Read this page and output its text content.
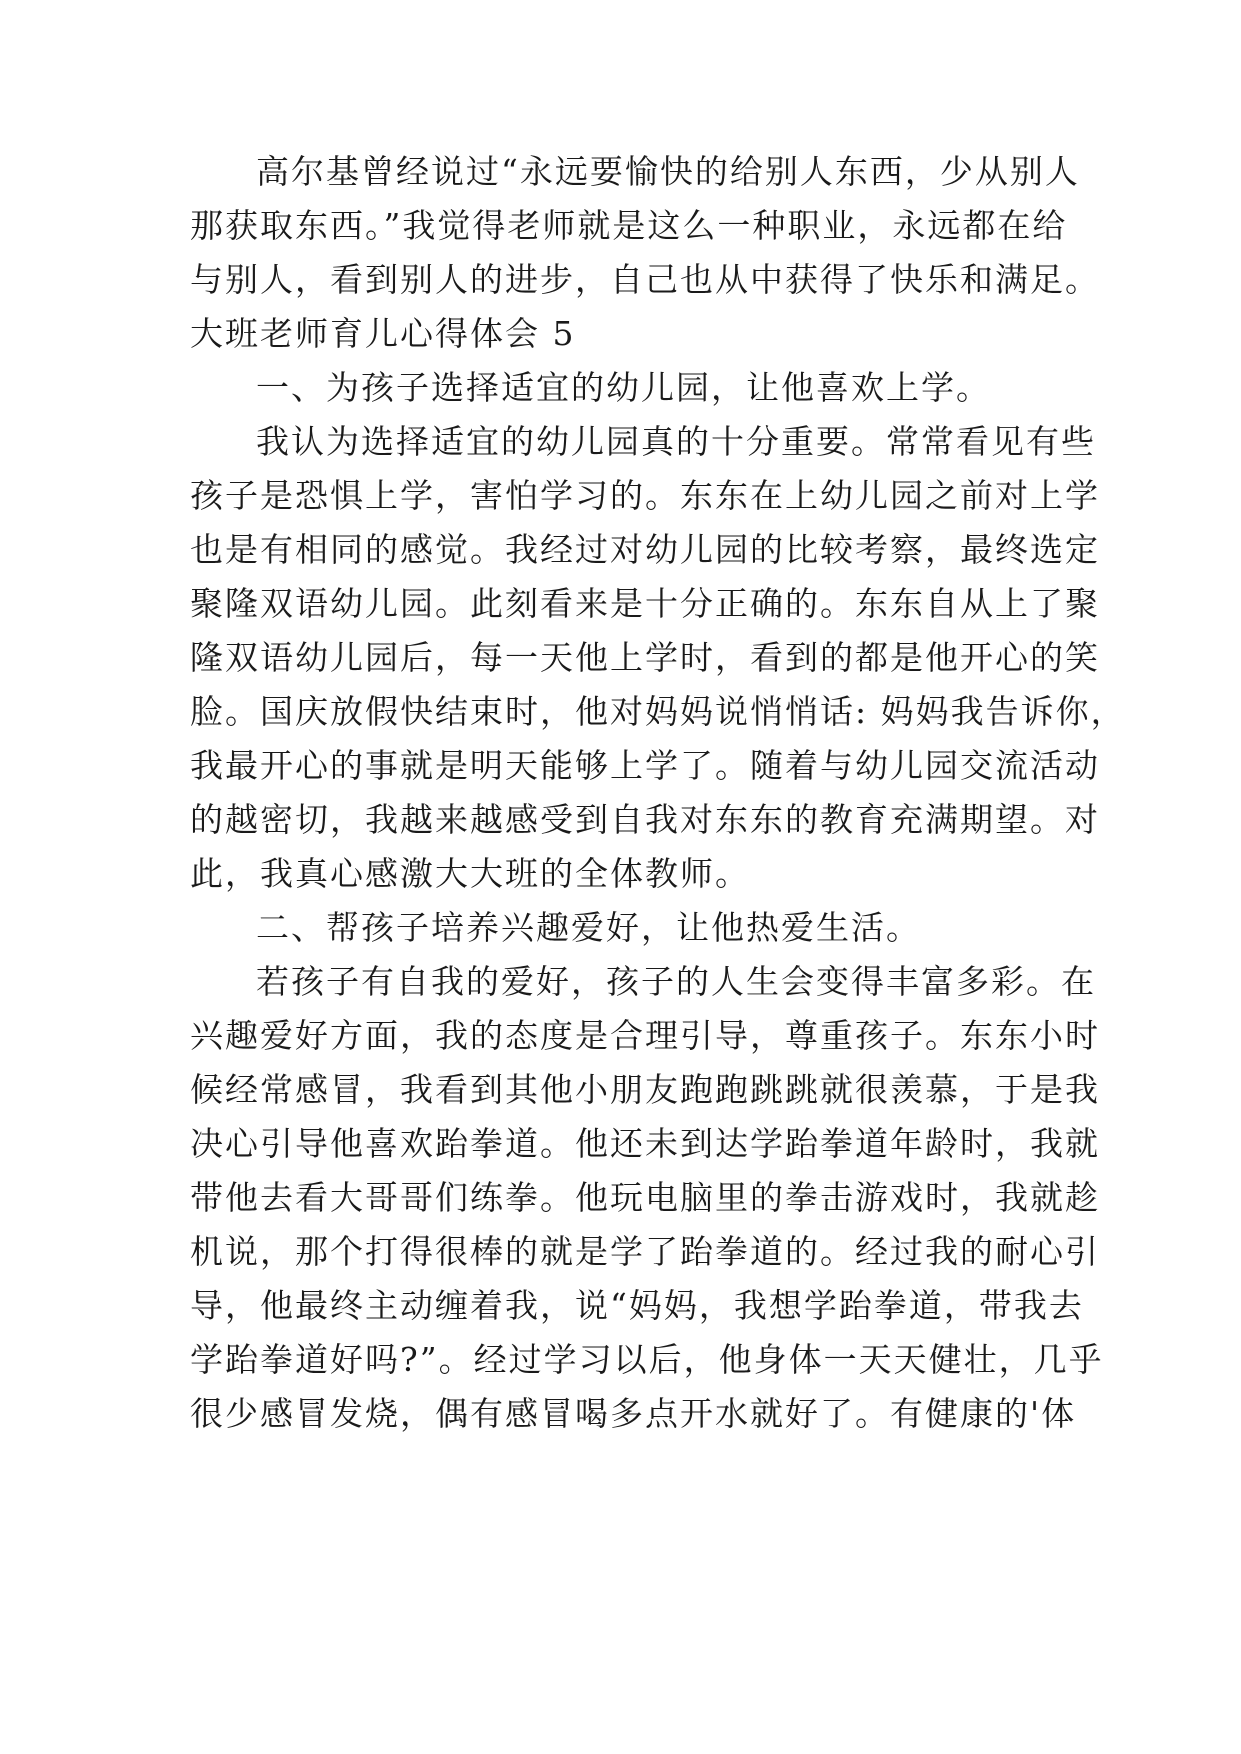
高尔基曾经说过“永远要愉快的给别人东西，少从别人
那获取东西。”我觉得老师就是这么一种职业，永远都在给
与别人，看到别人的进步，自己也从中获得了快乐和满足。
大班老师育儿心得体会 5
一、为孩子选择适宜的幼儿园，让他喜欢上学。
我认为选择适宜的幼儿园真的十分重要。常常看见有些
孩子是恐惧上学，害怕学习的。东东在上幼儿园之前对上学
也是有相同的感觉。我经过对幼儿园的比较考察，最终选定
聚隆双语幼儿园。此刻看来是十分正确的。东东自从上了聚
隆双语幼儿园后，每一天他上学时，看到的都是他开心的笑
脸。国庆放假快结束时，他对妈妈说悄悄话: 妈妈我告诉你，
我最开心的事就是明天能够上学了。随着与幼儿园交流活动
的越密切，我越来越感受到自我对东东的教育充满期望。对
此，我真心感激大大班的全体教师。
二、帮孩子培养兴趣爱好，让他热爱生活。
若孩子有自我的爱好，孩子的人生会变得丰富多彩。在
兴趣爱好方面，我的态度是合理引导，尊重孩子。东东小时
候经常感冒，我看到其他小朋友跑跑跳跳就很羡慕，于是我
决心引导他喜欢跆拳道。他还未到达学跆拳道年龄时，我就
带他去看大哥哥们练拳。他玩电脑里的拳击游戏时，我就趁
机说，那个打得很棒的就是学了跆拳道的。经过我的耐心引
导，他最终主动缠着我，说“妈妈，我想学跆拳道，带我去
学跆拳道好吗?”。经过学习以后，他身体一天天健壮，几乎
很少感冒发烧，偶有感冒喝多点开水就好了。有健康的'体
